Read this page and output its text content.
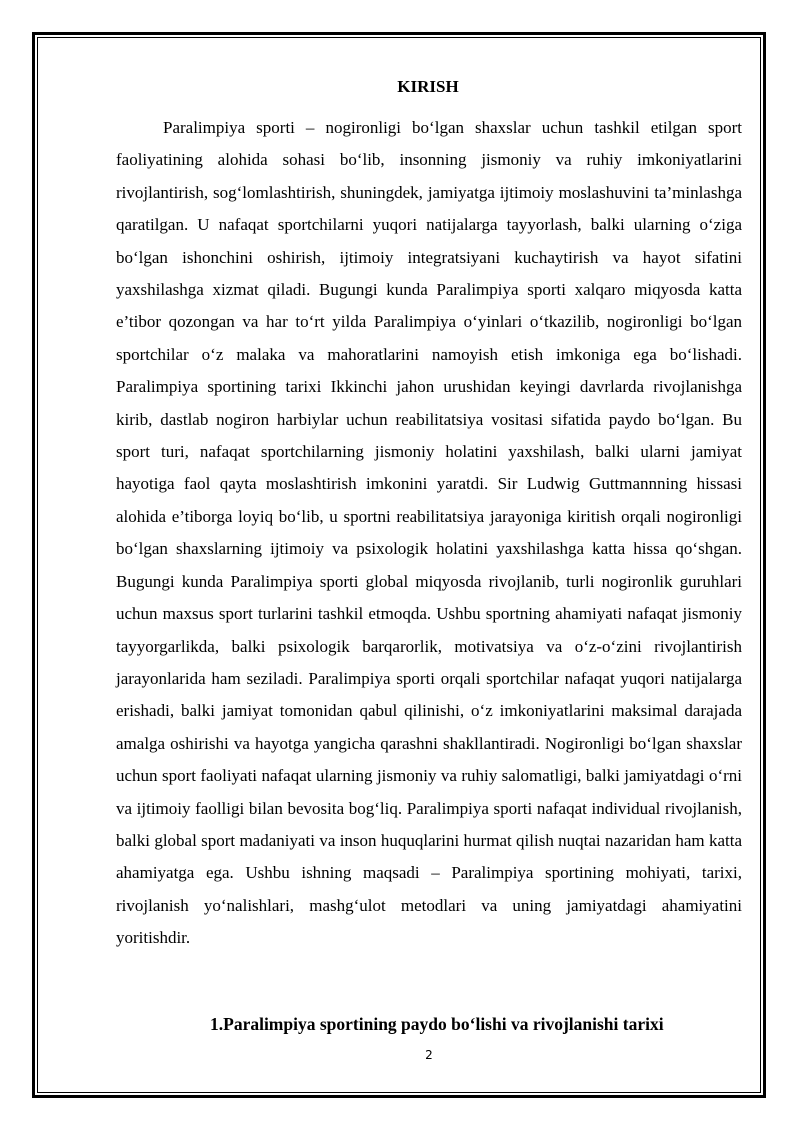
KIRISH

Paralimpiya sporti – nogironligi bo‘lgan shaxslar uchun tashkil etilgan sport faoliyatining alohida sohasi bo‘lib, insonning jismoniy va ruhiy imkoniyatlarini rivojlantirish, sog‘lomlashtirish, shuningdek, jamiyatga ijtimoiy moslashuvini ta’minlashga qaratilgan. U nafaqat sportchilarni yuqori natijalarga tayyorlash, balki ularning o‘ziga bo‘lgan ishonchini oshirish, ijtimoiy integratsiyani kuchaytirish va hayot sifatini yaxshilashga xizmat qiladi. Bugungi kunda Paralimpiya sporti xalqaro miqyosda katta e’tibor qozongan va har to‘rt yilda Paralimpiya o‘yinlari o‘tkazilib, nogironligi bo‘lgan sportchilar o‘z malaka va mahoratlarini namoyish etish imkoniga ega bo‘lishadi. Paralimpiya sportining tarixi Ikkinchi jahon urushidan keyingi davrlarda rivojlanishga kirib, dastlab nogiron harbiylar uchun reabilitatsiya vositasi sifatida paydo bo‘lgan. Bu sport turi, nafaqat sportchilarning jismoniy holatini yaxshilash, balki ularni jamiyat hayotiga faol qayta moslashtirish imkonini yaratdi. Sir Ludwig Guttmannning hissasi alohida e’tiborga loyiq bo‘lib, u sportni reabilitatsiya jarayoniga kiritish orqali nogironligi bo‘lgan shaxslarning ijtimoiy va psixologik holatini yaxshilashga katta hissa qo‘shgan. Bugungi kunda Paralimpiya sporti global miqyosda rivojlanib, turli nogironlik guruhlari uchun maxsus sport turlarini tashkil etmoqda. Ushbu sportning ahamiyati nafaqat jismoniy tayyorgarlikda, balki psixologik barqarorlik, motivatsiya va o‘z-o‘zini rivojlantirish jarayonlarida ham seziladi. Paralimpiya sporti orqali sportchilar nafaqat yuqori natijalarga erishadi, balki jamiyat tomonidan qabul qilinishi, o‘z imkoniyatlarini maksimal darajada amalga oshirishi va hayotga yangicha qarashni shakllantiradi. Nogironligi bo‘lgan shaxslar uchun sport faoliyati nafaqat ularning jismoniy va ruhiy salomatligi, balki jamiyatdagi o‘rni va ijtimoiy faolligi bilan bevosita bog‘liq. Paralimpiya sporti nafaqat individual rivojlanish, balki global sport madaniyati va inson huquqlarini hurmat qilish nuqtai nazaridan ham katta ahamiyatga ega. Ushbu ishning maqsadi – Paralimpiya sportining mohiyati, tarixi, rivojlanish yo‘nalishlari, mashg‘ulot metodlari va uning jamiyatdagi ahamiyatini yoritishdir.

1.Paralimpiya sportining paydo bo‘lishi va rivojlanishi tarixi
2
